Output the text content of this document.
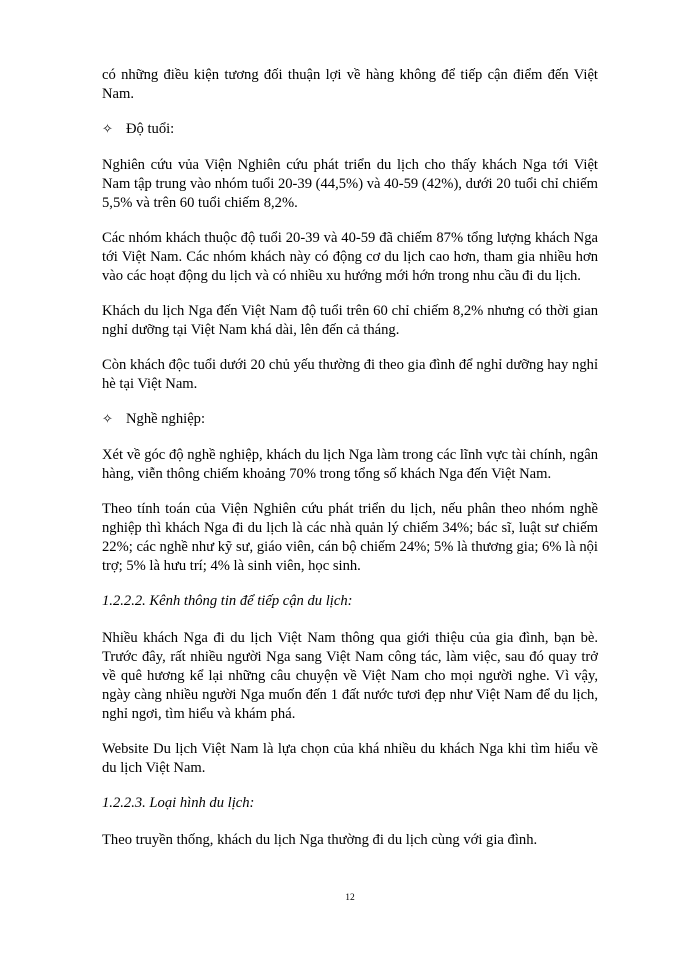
có những điều kiện tương đối thuận lợi về hàng không để tiếp cận điểm đến Việt Nam.

✧ Độ tuổi:

Nghiên cứu vủa Viện Nghiên cứu phát triển du lịch cho thấy khách Nga tới Việt Nam tập trung vào nhóm tuổi 20-39 (44,5%) và 40-59 (42%), dưới 20 tuổi chỉ chiếm 5,5% và trên 60 tuổi chiếm 8,2%.

Các nhóm khách thuộc độ tuổi 20-39 và 40-59 đã chiếm 87% tổng lượng khách Nga tới Việt Nam. Các nhóm khách này có động cơ du lịch cao hơn, tham gia nhiều hơn vào các hoạt động du lịch và có nhiều xu hướng mới hớn trong nhu cầu đi du lịch.

Khách du lịch Nga đến Việt Nam độ tuổi trên 60 chỉ chiếm 8,2% nhưng có thời gian nghỉ dưỡng tại Việt Nam khá dài, lên đến cả tháng.

Còn khách độc tuổi dưới 20 chủ yếu thường đi theo gia đình để nghỉ dưỡng hay nghỉ hè tại Việt Nam.

✧ Nghề nghiệp:

Xét về góc độ nghề nghiệp, khách du lịch Nga làm trong các lĩnh vực tài chính, ngân hàng, viễn thông chiếm khoảng 70% trong tổng số khách Nga đến Việt Nam.

Theo tính toán của Viện Nghiên cứu phát triển du lịch, nếu phân theo nhóm nghề nghiệp thì khách Nga đi du lịch là các nhà quản lý chiếm 34%; bác sĩ, luật sư chiếm 22%; các nghề như kỹ sư, giáo viên, cán bộ chiếm 24%; 5% là thương gia; 6% là nội trợ; 5% là hưu trí; 4% là sinh viên, học sinh.

1.2.2.2. Kênh thông tin để tiếp cận du lịch:

Nhiều khách Nga đi du lịch Việt Nam thông qua giới thiệu của gia đình, bạn bè. Trước đây, rất nhiều người Nga sang Việt Nam công tác, làm việc, sau đó quay trở về quê hương kể lại những câu chuyện về Việt Nam cho mọi người nghe. Vì vậy, ngày càng nhiều người Nga muốn đến 1 đất nước tươi đẹp như Việt Nam để du lịch, nghỉ ngơi, tìm hiểu và khám phá.

Website Du lịch Việt Nam là lựa chọn của khá nhiều du khách Nga khi tìm hiểu về du lịch Việt Nam.

1.2.2.3. Loại hình du lịch:

Theo truyền thống, khách du lịch Nga thường đi du lịch cùng với gia đình.

12
